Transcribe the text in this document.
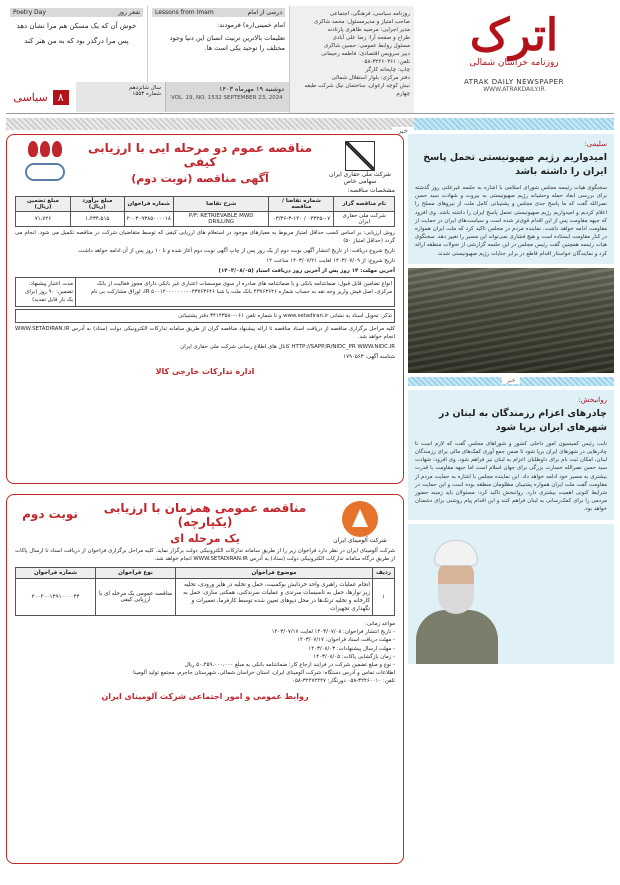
اترک
روزنامه خراسان شمالی
ATRAK DAILY NEWSPAPER
WWW.ATRAKDAILY.IR
روزنامه سیاسی، فرهنگی، اجتماعی
صاحب امتیاز و مدیرمسئول: محمد شاکری
مدیر اجرایی: مرضیه طاهری پارتادنه
طراح و صفحه آرا: رضا علی آبادی
مسئول روابط عمومی: حسین شاکری
دبیر سرویس اقتصادی: فاطمه رحیمانی
تلفن: ۳۲۲۶۰۳۶۱-۰۵۸
چاپ: چاپخانه کارگر
دفتر مرکزی: بلوار استقلال شمالی
نبش کوچه ارغوان، ساختمان نیک شرکت طبقه چهارم
درسی از امام
Lessons from Imam
امام خمینی(ره) فرمودند:
تعلیمات بالاترین تربیت انسان این دنیا وجود مختلف را توحید یکی است ها.
شعر روز
Poetry Day
خوش آن که یک مسکن هم مرا نشان دهد
پس مرا درگذر بود که به من هنر کند
دوشنبه ۱۹ مهرماه ۱۴۰۳
VOL. 19, NO. 1532 SEPTEMBER 23, 2024
سال شانزدهم
شماره ۱۵۵۳
۸
سیاسی
خبر
سلیمی:
امیدواریم رژیم صهیونیستی تحمل پاسخ ایران را داشته باشد
سخنگوی هیات رئیسه مجلس شورای اسلامی با اشاره به جلسه غیرعلنی روز گذشته برای بررسی ابعاد حمله وحشیانه رژیم صهیونیستی به بیروت و شهادت سید حسن نصرالله گفت که ما پاسخ جدی مجلس و پشتیبانی کامل ملت از نیروهای مسلح را اعلام کردیم و امیدواریم رژیم صهیونیستی تحمل پاسخ ایران را داشته باشد. وی افزود که جبهه مقاومت پس از این اقدام قوی‌تر شده است و سیاست‌های ایران در حمایت از مقاومت ادامه خواهد داشت. نماینده مردم در مجلس تاکید کرد که ملت ایران همواره در کنار مقاومت ایستاده است و هیچ فشاری نمی‌تواند این مسیر را تغییر دهد. سخنگوی هیات رئیسه همچنین گفت رئیس مجلس در این جلسه گزارشی از تحولات منطقه ارائه کرد و نمایندگان خواستار اقدام قاطع در برابر جنایات رژیم صهیونیستی شدند.
خبر
روانبخش:
چادرهای اعزام رزمندگان به لبنان در شهرهای ایران برپا شود
نایب رئیس کمیسیون امور داخلی کشور و شوراهای مجلس گفت که لازم است تا چادرهایی در شهرهای ایران برپا شود تا ضمن جمع آوری کمک‌های مالی برای رزمندگان لبنان، امکان ثبت نام برای داوطلبان اعزام به لبنان نیز فراهم شود. وی افزود: شهادت سید حسن نصرالله خسارت بزرگی برای جهان اسلام است اما جبهه مقاومت با قدرت بیشتری به مسیر خود ادامه خواهد داد. این نماینده مجلس با اشاره به حمایت مردم از مقاومت گفت ملت ایران همواره پشتیبان مظلومان منطقه بوده است و این حمایت در شرایط کنونی اهمیت بیشتری دارد. روانبخش تاکید کرد: مسئولان باید زمینه حضور مردمی را برای کمک‌رسانی به لبنان فراهم کنند و این اقدام پیام روشنی برای دشمنان خواهد بود.
شرکت ملی حفاری ایران
سهامی خاص
مناقصه عموم دو مرحله ایی با ارزیابی کیفی
آگهی مناقصه (نوبت دوم)
مشخصات مناقصه:
نام مناقصه گزار	شماره تقاضا / مناقصه	شرح تقاضا	شماره فراخوان	مبلغ برآورد (ریال)	مبلغ تضمین (ریال)
شرکت ملی حفاری ایران	۰۴۳۲۵-۰۷ / ۰۳/۳۶-۳-۱۴۰	P/F: RETRIEVABLE MWD DRILLING	۲۰۰۳۰۹۳۸۵۰۰۰۰۱۸	۱،۴۳۴،۵۱۵	۷۱،۷۲۶
روش ارزیابی: بر اساس کسب حداقل امتیاز مربوط به معیارهای موجود در استعلام های ارزیابی کیفی که توسط متقاضیان شرکت در مناقصه تکمیل می شود. انجام می گردد (حداقل امتیاز ۵۰)
تاریخ شروع دریافت: از تاریخ انتشار آگهی نوبت دوم از یک روز پس از چاپ آگهی نوبت دوم آغاز شده و تا ۱۰ روز پس از آن ادامه خواهد داشت.
تاریخ شروع: از ۱۴۰۳/۰۷/۰۹ لغایت ۱۴۰۳/۰۷/۲۱ ساعت ۱۲
آخرین مهلت: ۱۴ روز پس از آخرین روز دریافت اسناد (۱۴۰۳/۰۸/۰۵)
انواع تضامین قابل قبول: ضمانتنامه بانکی و یا ضمانتنامه های صادره از سوی موسسات اعتباری غیر بانکی دارای مجوز فعالیت از بانک مرکزی، اصل فیش واریز وجه نقد به حساب شماره ۴۳۷۶۳۶۴۶ بانک ملت یا شبا IR ۵۰۰۱۲۰۰۰۰۰۰۰۰۰۴۳۷۶۳۶۴۶، اوراق مشارکت بی نام
مدت اعتبار پیشنهاد: تضمین: ۹۰ روز (برای یک بار قابل تمدید)
تذکر: تحویل اسناد به نشانی www.setadiran.ir و تا شماره تلفن ۰۶۱-۳۴۱۴۳۵۸۰ دفتر پشتیبانی
کلیه مراحل برگزاری مناقصه از دریافت اسناد مناقصه تا ارائه پیشنهاد مناقصه گران از طریق سامانه تدارکات الکترونیکی دولت (ستاد) به آدرس WWW.SETADIRAN.IR انجام خواهد شد.
HTTP://SAPP.IR/NIDC_PR WWW.NIDC.IR کانال های اطلاع رسانی شرکت ملی حفاری ایران
شناسه آگهی: ۱۷۹۰۵۶۳
اداره تدارکات خارجی کالا
شرکت آلومینای ایران
مناقصه عمومی همزمان با ارزیابی (یکپارچه)
یک مرحله ای
نوبت دوم
شرکت آلومینای ایران در نظر دارد فراخوان زیر را از طریق سامانه تدارکات الکترونیکی دولت برگزار نماید. کلیه مراحل برگزاری فراخوان از دریافت اسناد تا ارسال پاکات از طریق درگاه سامانه تدارکات الکترونیکی دولت (ستاد) به آدرس WWW.SETADIRAN.IR انجام خواهد شد.
ردیف	موضوع فراخوان	نوع فراخوان	شماره فراخوان
۱	انجام عملیات راهبری واحد خردایش بوکسیت، حمل و تخلیه در هایر ورودی، تخلیه زیر نوارها، حمل به تاسیسات سرندی و عملیات سرندکنی، همکنی سازی، حمل به کارخانه و تخلیه ترنک‌ها در محل دپوهای تعیین شده توسط کارفرما، تعمیرات و نگهداری تجهیزات	مناقصه عمومی یک مرحله ای با ارزیابی کیفی	۲۰۰۳۰۰۱۴۹۱۰۰۰۰۴۴
مواعد زمانی:
- تاریخ انتشار فراخوان: ۱۴۰۳/۰۷/۰۸ لغایت ۱۴۰۳/۰۷/۱۷
- مهلت دریافت اسناد فراخوان: ۱۴۰۳/۰۷/۱۷
- مهلت ارسال پیشنهادات: ۱۴۰۳/۰۸/۰۳
- زمان بازگشایی پاکات: ۱۴۰۳/۰۸/۰۵
- نوع و مبلغ تضمین شرکت در فرایند ارجاع کار: ضمانتنامه بانکی به مبلغ ۵۰،۴۵۹،۰۰۰،۰۰۰ ریال
اطلاعات تماس و آدرس دستگاه: شرکت آلومینای ایران، استان خراسان شمالی، شهرستان جاجرم، مجتمع تولید آلومینا
تلفن: ۳۲۴۶۰۰۱۰-۰۵۸ دورنگار: ۳۲۲۷۲۴۴۷-۰۵۸
روابط عمومی و امور اجتماعی شرکت آلومینای ایران
